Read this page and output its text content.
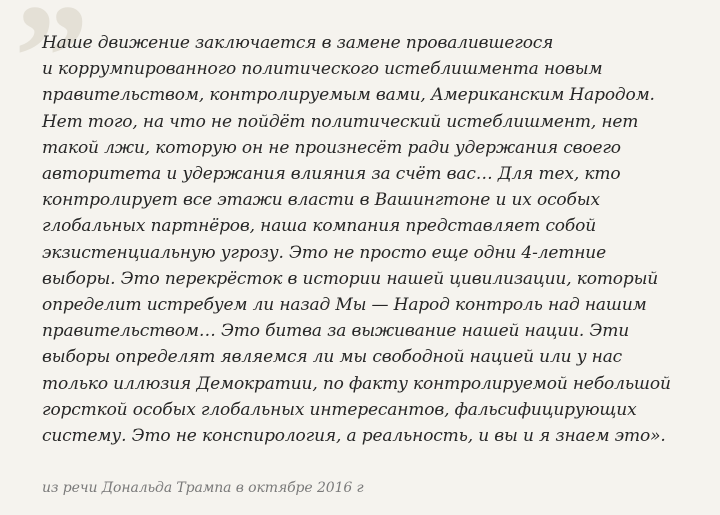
”

Наше движение заключается в замене провалившегося
и коррумпированного политического истеблишмента новым
правительством, контролируемым вами, Американским Народом.
Нет того, на что не пойдёт политический истеблишмент, нет
такой лжи, которую он не произнесёт ради удержания своего
авторитета и удержания влияния за счёт вас… Для тех, кто
контролирует все этажи власти в Вашингтоне и их особых
глобальных партнёров, наша компания представляет собой
экзистенциальную угрозу. Это не просто еще одни 4-летние
выборы. Это перекрёсток в истории нашей цивилизации, который
определит истребуем ли назад Мы — Народ контроль над нашим
правительством… Это битва за выживание нашей нации. Эти
выборы определят являемся ли мы свободной нацией или у нас
только иллюзия Демократии, по факту контролируемой небольшой
горсткой особых глобальных интересантов, фальсифицирующих
систему. Это не конспирология, а реальность, и вы и я знаем это».

из речи Дональда Трампа в октябре 2016 г
